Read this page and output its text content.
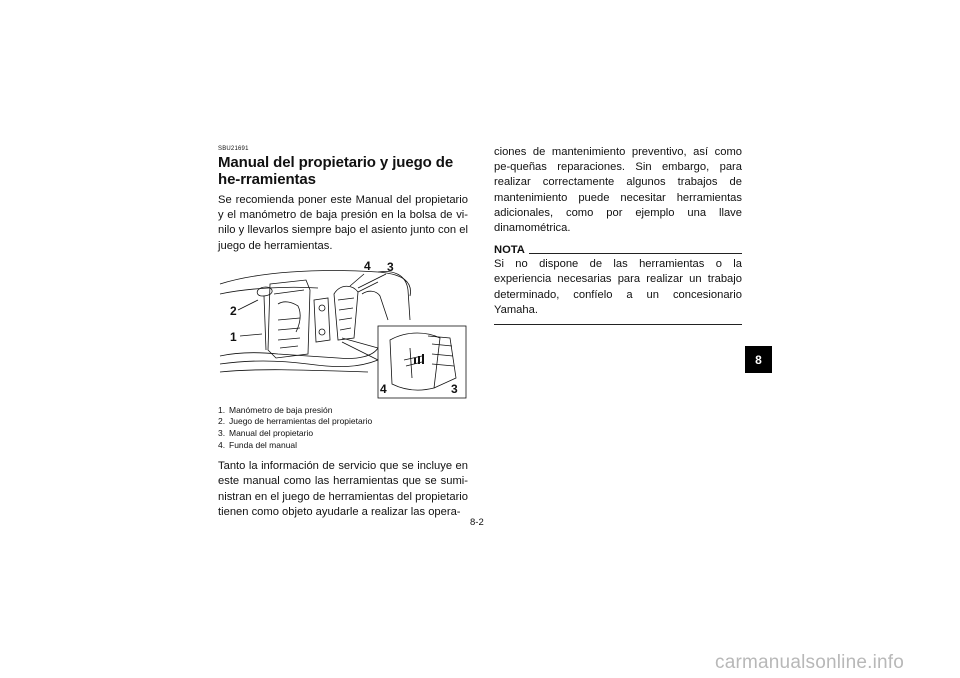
SBU21691
Manual del propietario y juego de he-rramientas
Se recomienda poner este Manual del propietario y el manómetro de baja presión en la bolsa de vi-nilo y llevarlos siempre bajo el asiento junto con el juego de herramientas.
2
1
4 3
4	3
1. Manómetro de baja presión
2. Juego de herramientas del propietario
3. Manual del propietario
4. Funda del manual
Tanto la información de servicio que se incluye en este manual como las herramientas que se sumi-nistran en el juego de herramientas del propietario tienen como objeto ayudarle a realizar las opera-
ciones de mantenimiento preventivo, así como pe-queñas reparaciones. Sin embargo, para realizar correctamente algunos trabajos de mantenimiento puede necesitar herramientas adicionales, como por ejemplo una llave dinamométrica.
NOTA
Si no dispone de las herramientas o la experiencia necesarias para realizar un trabajo determinado, confíelo a un concesionario Yamaha.
8
8-2
carmanualsonline.info
